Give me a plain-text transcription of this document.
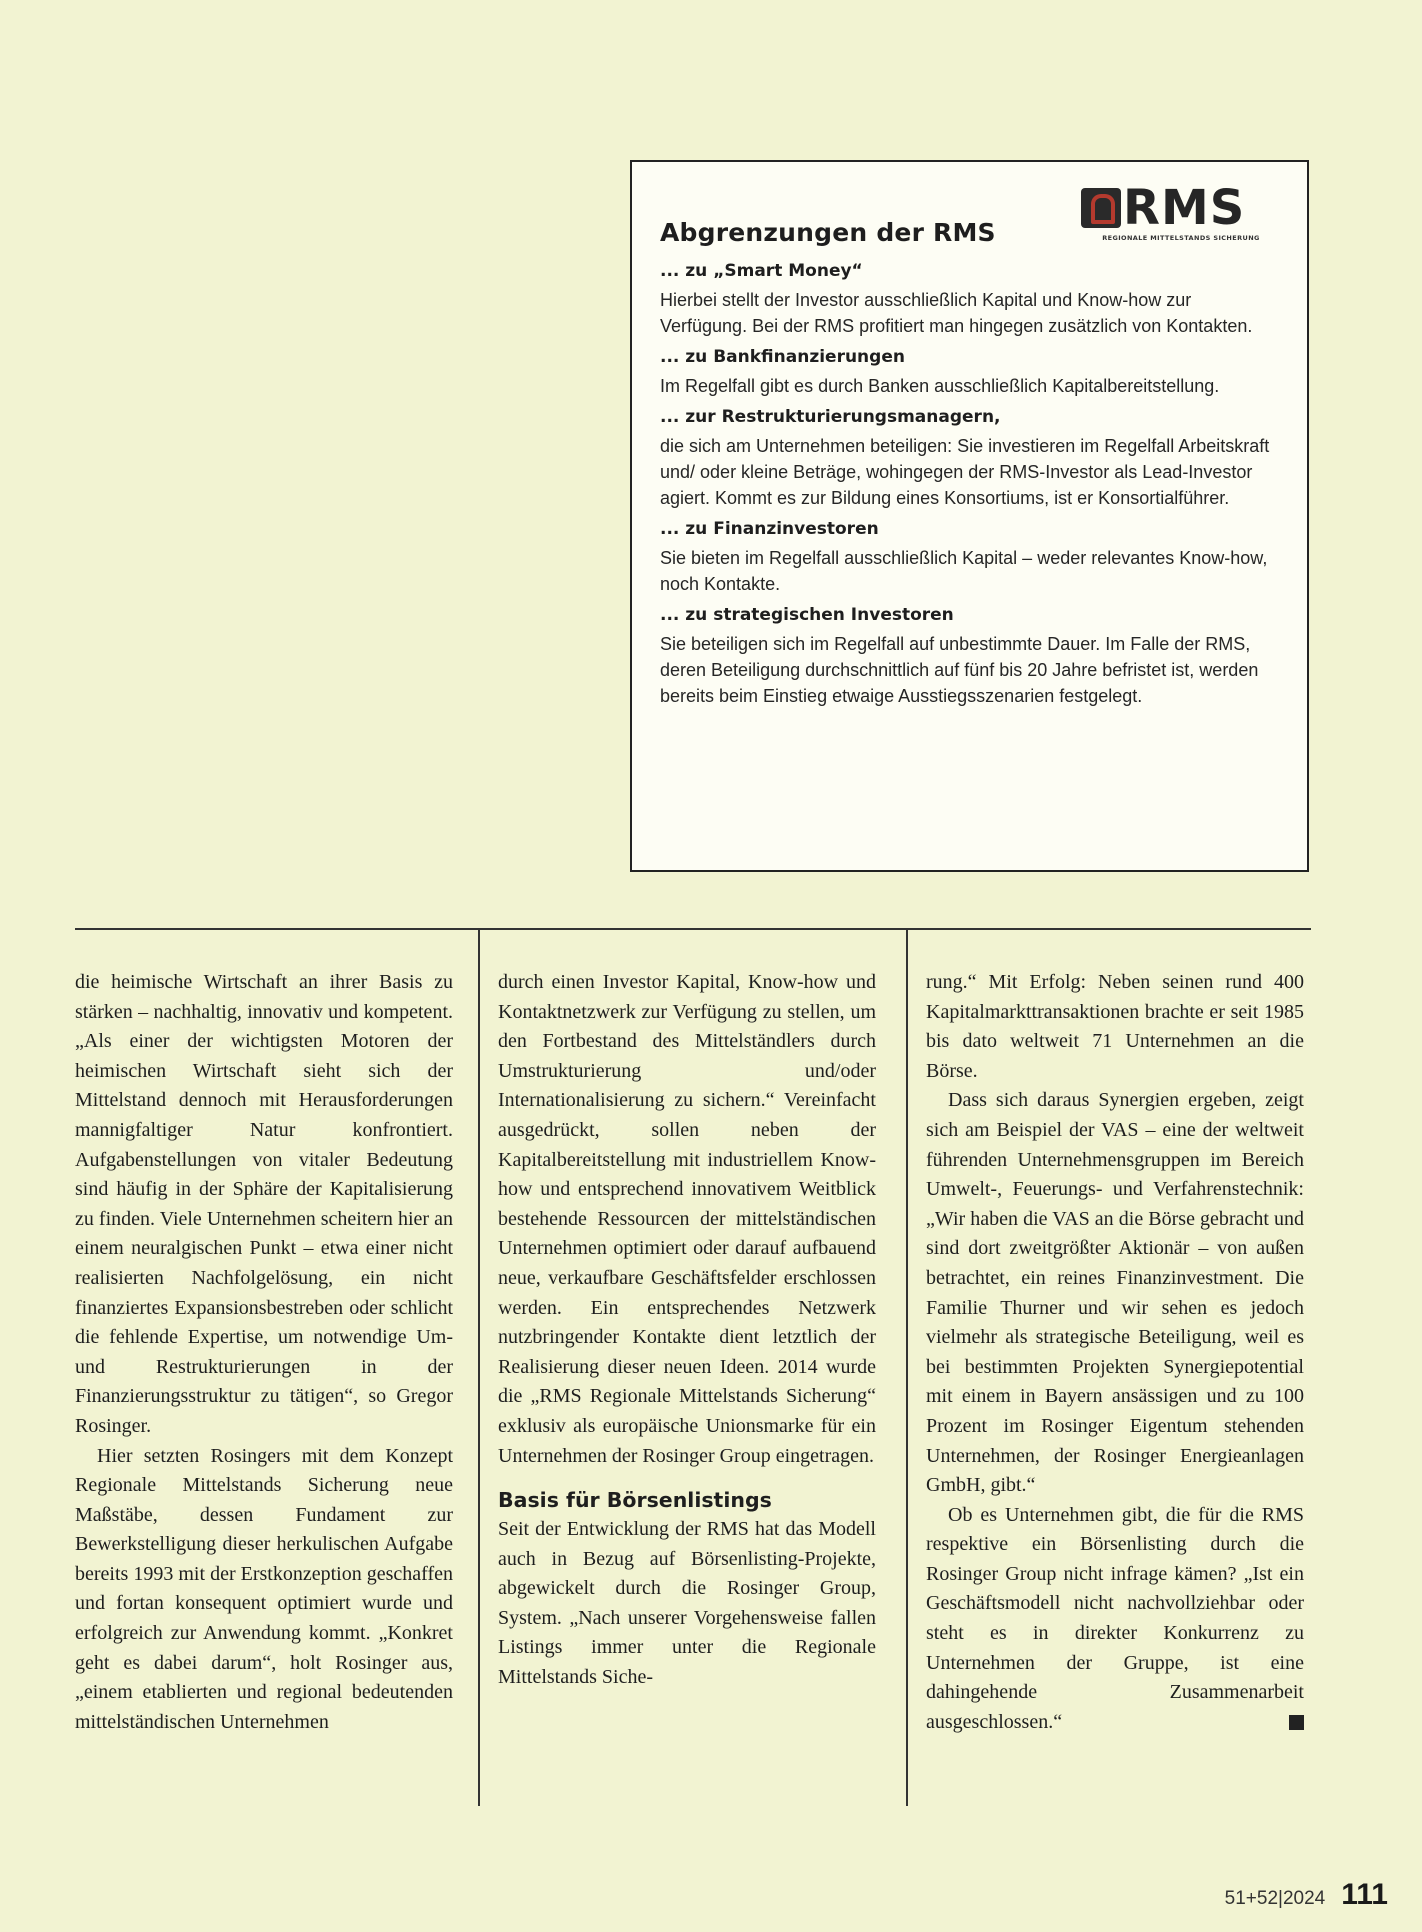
RMS
REGIONALE MITTELSTANDS SICHERUNG
Abgrenzungen der RMS
... zu „Smart Money“

Hierbei stellt der Investor ausschließlich Kapital und Know-how zur Verfügung. Bei der RMS profitiert man hingegen zusätzlich von Kontakten.

... zu Bankfinanzierungen

Im Regelfall gibt es durch Banken ausschließlich Kapitalbereitstellung.

... zur Restrukturierungsmanagern,

die sich am Unternehmen beteiligen: Sie investieren im Regelfall Arbeitskraft und/ oder kleine Beträge, wohingegen der RMS-Investor als Lead-Investor agiert. Kommt es zur Bildung eines Konsortiums, ist er Konsortialführer.

... zu Finanzinvestoren

Sie bieten im Regelfall ausschließlich Kapital – weder relevantes Know-how, noch Kontakte.

... zu strategischen Investoren

Sie beteiligen sich im Regelfall auf unbestimmte Dauer. Im Falle der RMS, deren Beteiligung durchschnittlich auf fünf bis 20 Jahre befristet ist, werden bereits beim Einstieg etwaige Ausstiegsszenarien festgelegt.

die heimische Wirtschaft an ihrer Basis zu stärken – nachhaltig, innovativ und kompetent. „Als einer der wichtigsten Motoren der heimischen Wirtschaft sieht sich der Mittelstand dennoch mit Herausforderungen mannigfaltiger Natur konfrontiert. Aufgabenstellungen von vitaler Bedeutung sind häufig in der Sphäre der Kapitalisierung zu finden. Viele Unternehmen scheitern hier an einem neuralgischen Punkt – etwa einer nicht realisierten Nachfolgelösung, ein nicht finanziertes Expansionsbestreben oder schlicht die fehlende Expertise, um notwendige Um- und Restrukturierungen in der Finanzierungsstruktur zu tätigen“, so Gregor Rosinger.

Hier setzten Rosingers mit dem Konzept Regionale Mittelstands Sicherung neue Maßstäbe, dessen Fundament zur Bewerkstelligung dieser herkulischen Aufgabe bereits 1993 mit der Erstkonzeption geschaffen und fortan konsequent optimiert wurde und erfolgreich zur Anwendung kommt. „Konkret geht es dabei darum“, holt Rosinger aus, „einem etablierten und regional bedeutenden mittelständischen Unternehmen

durch einen Investor Kapital, Know-how und Kontaktnetzwerk zur Verfügung zu stellen, um den Fortbestand des Mittelständlers durch Umstrukturierung und/oder Internationalisierung zu sichern.“ Vereinfacht ausgedrückt, sollen neben der Kapitalbereitstellung mit industriellem Know-how und entsprechend innovativem Weitblick bestehende Ressourcen der mittelständischen Unternehmen optimiert oder darauf aufbauend neue, verkaufbare Geschäftsfelder erschlossen werden. Ein entsprechendes Netzwerk nutzbringender Kontakte dient letztlich der Realisierung dieser neuen Ideen. 2014 wurde die „RMS Regionale Mittelstands Sicherung“ exklusiv als europäische Unionsmarke für ein Unternehmen der Rosinger Group eingetragen.

Basis für Börsenlistings

Seit der Entwicklung der RMS hat das Modell auch in Bezug auf Börsenlisting-Projekte, abgewickelt durch die Rosinger Group, System. „Nach unserer Vorgehensweise fallen Listings immer unter die Regionale Mittelstands Siche-

rung.“ Mit Erfolg: Neben seinen rund 400 Kapitalmarkttransaktionen brachte er seit 1985 bis dato weltweit 71 Unternehmen an die Börse.

Dass sich daraus Synergien ergeben, zeigt sich am Beispiel der VAS – eine der weltweit führenden Unternehmensgruppen im Bereich Umwelt-, Feuerungs- und Verfahrenstechnik: „Wir haben die VAS an die Börse gebracht und sind dort zweitgrößter Aktionär – von außen betrachtet, ein reines Finanzinvestment. Die Familie Thurner und wir sehen es jedoch vielmehr als strategische Beteiligung, weil es bei bestimmten Projekten Synergiepotential mit einem in Bayern ansässigen und zu 100 Prozent im Rosinger Eigentum stehenden Unternehmen, der Rosinger Energieanlagen GmbH, gibt.“

Ob es Unternehmen gibt, die für die RMS respektive ein Börsenlisting durch die Rosinger Group nicht infrage kämen? „Ist ein Geschäftsmodell nicht nachvollziehbar oder steht es in direkter Konkurrenz zu Unternehmen der Gruppe, ist eine dahingehende Zusammenarbeit ausgeschlossen.“

51+52|2024 111
